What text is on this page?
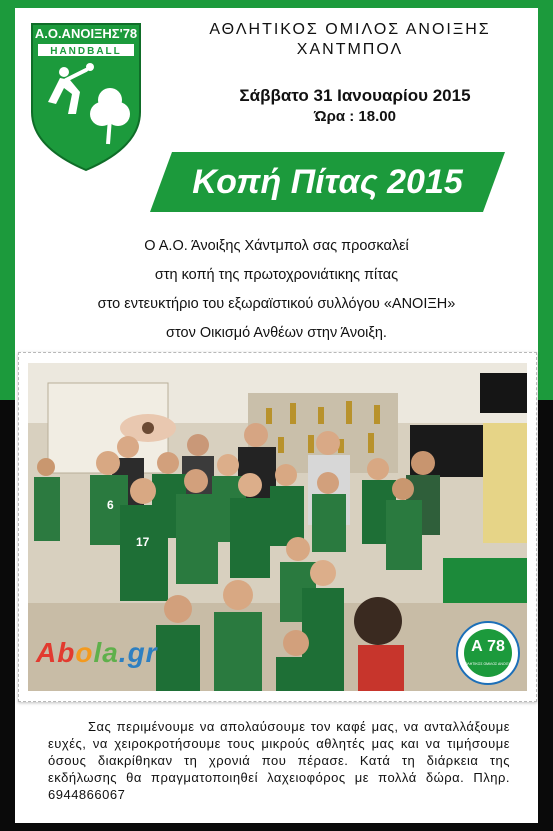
Α.Ο.ΑΝΟΙΞΗΣ'78
HANDBALL
ΑΘΛΗΤΙΚΟΣ ΟΜΙΛΟΣ ΑΝΟΙΞΗΣ
ΧΑΝΤΜΠΟΛ
Σάββατο 31 Ιανουαρίου 2015
Ώρα : 18.00
Κοπή Πίτας 2015
Ο Α.Ο. Άνοιξης Χάντμπολ σας προσκαλεί
στη κοπή της πρωτοχρονιάτικης πίτας
στο εντευκτήριο του εξωραϊστικού συλλόγου «ΑΝΟΙΞΗ»
στον Οικισμό Ανθέων στην Άνοιξη.
6
17
Abola.gr	Α 78
ΑΘΛΗΤΙΚΟΣ ΟΜΙΛΟΣ ΑΝΟΙΞΗΣ
Σας περιμένουμε να απολαύσουμε τον καφέ μας, να ανταλλάξουμε ευχές, να χειροκροτήσουμε τους μικρούς αθλητές μας και να τιμήσουμε όσους διακρίθηκαν τη χρονιά που πέρασε. Κατά τη διάρκεια της εκδήλωσης θα πραγματοποιηθεί λαχειοφόρος με πολλά δώρα. Πληρ. 6944866067
